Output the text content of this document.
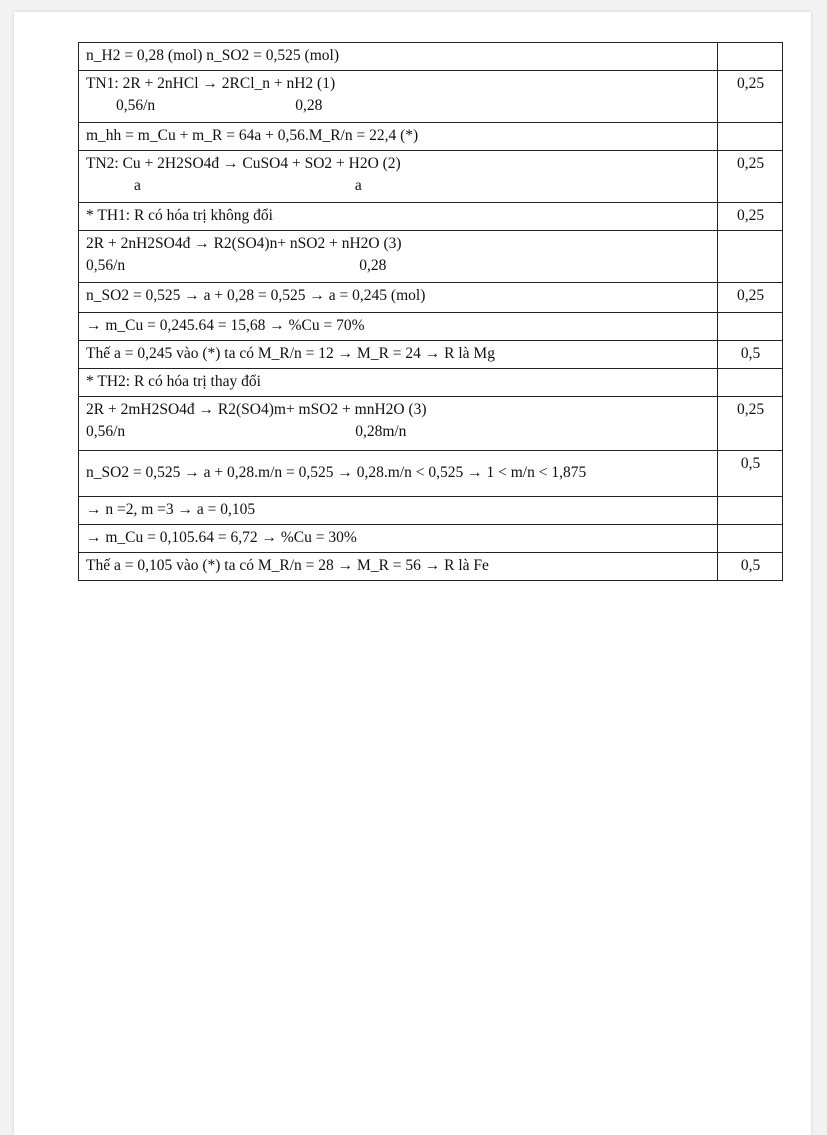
n_H2 = 0,28 (mol) n_SO2 = 0,525 (mol)	

TN1: 2R + 2nHCl → 2RCl_n + nH2 (1)
0,56/n 0,28	0,25

m_hh = m_Cu + m_R = 64a + 0,56.M_R/n = 22,4 (*)	

TN2: Cu + 2H2SO4đ → CuSO4 + SO2 + H2O (2)
a a	0,25

* TH1: R có hóa trị không đổi	0,25

2R + 2nH2SO4đ → R2(SO4)n+ nSO2 + nH2O (3)
0,56/n 0,28	

n_SO2 = 0,525 → a + 0,28 = 0,525 → a = 0,245 (mol)	0,25

→ m_Cu = 0,245.64 = 15,68 → %Cu = 70%	

Thế a = 0,245 vào (*) ta có M_R/n = 12 → M_R = 24 → R là Mg	0,5

* TH2: R có hóa trị thay đổi	

2R + 2mH2SO4đ → R2(SO4)m+ mSO2 + mnH2O (3)
0,56/n 0,28m/n	0,25

n_SO2 = 0,525 → a + 0,28.m/n = 0,525 → 0,28.m/n < 0,525 → 1 < m/n < 1,875	0,5

→ n =2, m =3 → a = 0,105	

→ m_Cu = 0,105.64 = 6,72 → %Cu = 30%	

Thế a = 0,105 vào (*) ta có M_R/n = 28 → M_R = 56 → R là Fe	0,5
